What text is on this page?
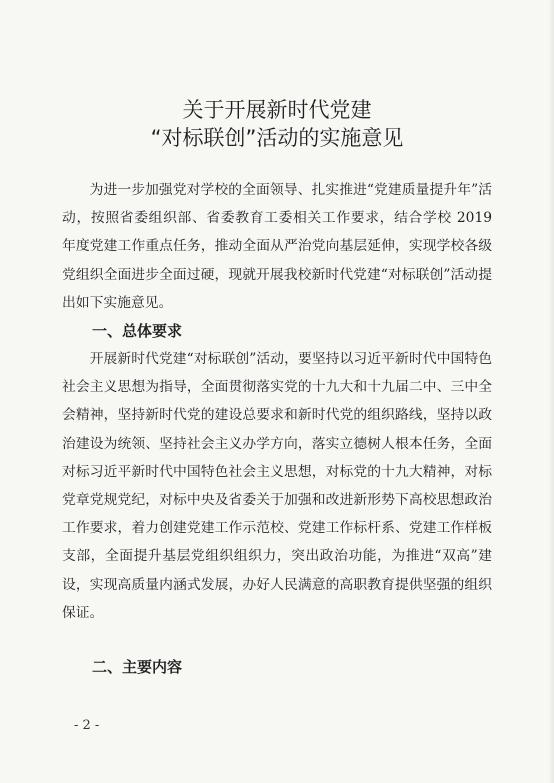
关于开展新时代党建
“对标联创”活动的实施意见
为进一步加强党对学校的全面领导、扎实推进“党建质量提升年”活动，按照省委组织部、省委教育工委相关工作要求，结合学校 2019 年度党建工作重点任务，推动全面从严治党向基层延伸，实现学校各级党组织全面进步全面过硬，现就开展我校新时代党建“对标联创”活动提出如下实施意见。
一、总体要求
开展新时代党建“对标联创”活动，要坚持以习近平新时代中国特色社会主义思想为指导，全面贯彻落实党的十九大和十九届二中、三中全会精神，坚持新时代党的建设总要求和新时代党的组织路线，坚持以政治建设为统领、坚持社会主义办学方向，落实立德树人根本任务，全面对标习近平新时代中国特色社会主义思想，对标党的十九大精神，对标党章党规党纪，对标中央及省委关于加强和改进新形势下高校思想政治工作要求，着力创建党建工作示范校、党建工作标杆系、党建工作样板支部，全面提升基层党组织组织力，突出政治功能，为推进“双高”建设，实现高质量内涵式发展，办好人民满意的高职教育提供坚强的组织保证。
二、主要内容
- 2 -
